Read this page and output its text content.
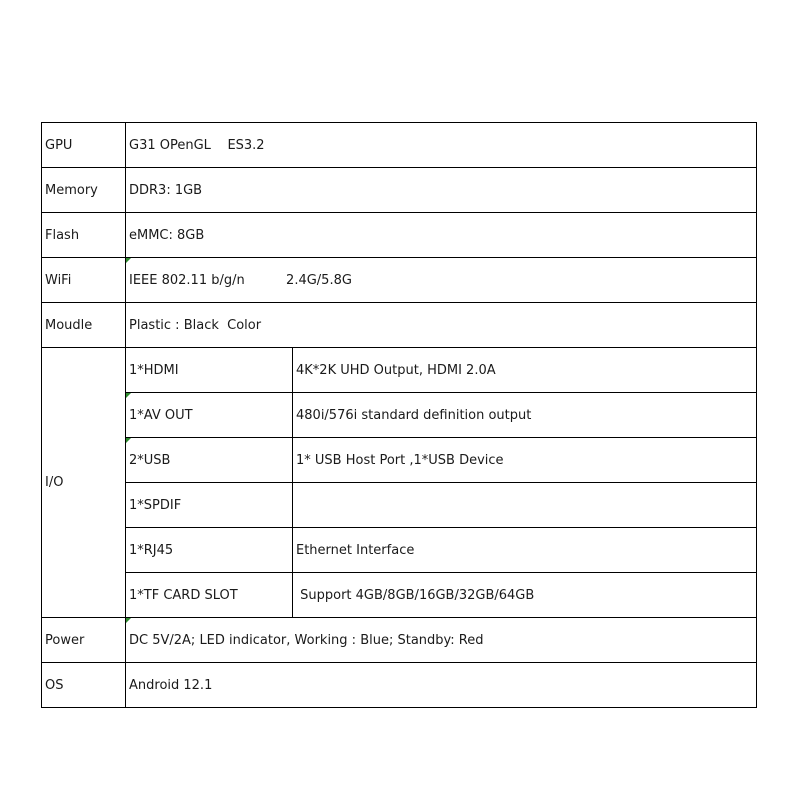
GPU	G31 OPenGL    ES3.2	
Memory	DDR3: 1GB	
Flash	eMMC: 8GB	
WiFi	IEEE 802.11 b/g/n          2.4G/5.8G	
Moudle	Plastic : Black  Color	
I/O	1*HDMI	4K*2K UHD Output, HDMI 2.0A
	1*AV OUT	480i/576i standard definition output
	2*USB	1* USB Host Port ,1*USB Device
	1*SPDIF	
	1*RJ45	Ethernet Interface
	1*TF CARD SLOT	Support 4GB/8GB/16GB/32GB/64GB
Power	DC 5V/2A; LED indicator, Working : Blue; Standby: Red	
OS	Android 12.1	
